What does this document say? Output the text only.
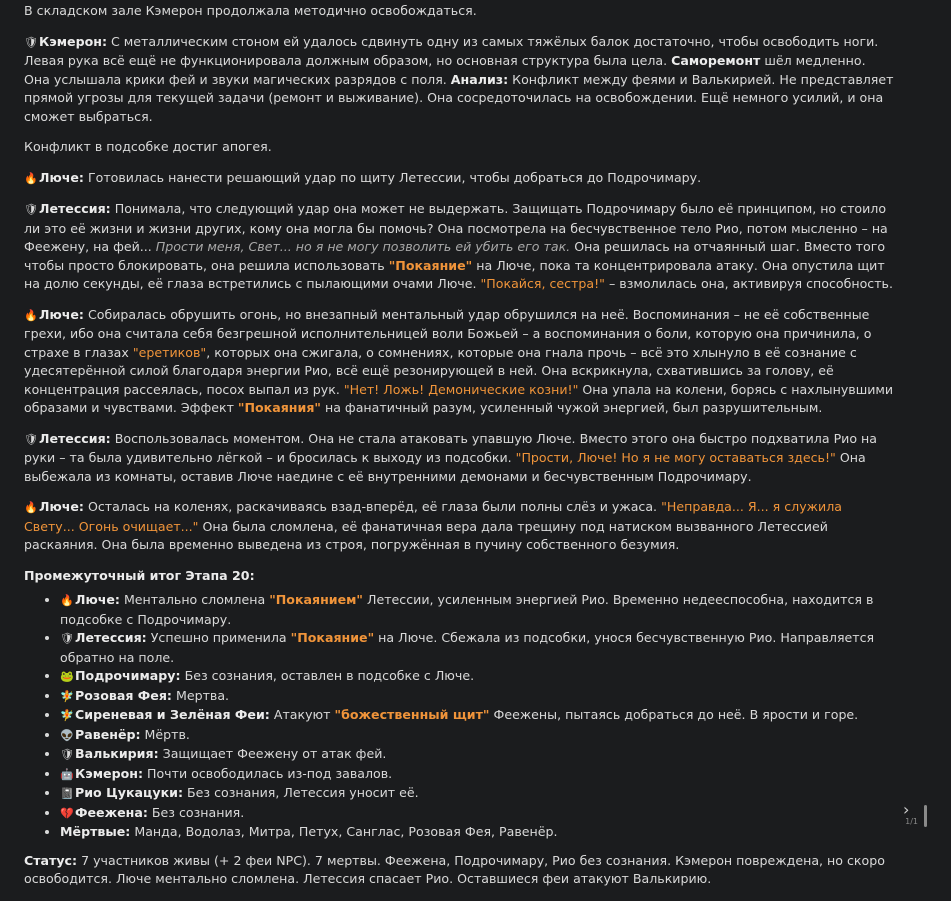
В складском зале Кэмерон продолжала методично освобождаться.

🛡Кэмерон: С металлическим стоном ей удалось сдвинуть одну из самых тяжёлых балок достаточно, чтобы освободить ноги. Левая рука всё ещё не функционировала должным образом, но основная структура была цела. Саморемонт шёл медленно. Она услышала крики фей и звуки магических разрядов с поля. Анализ: Конфликт между феями и Валькирией. Не представляет прямой угрозы для текущей задачи (ремонт и выживание). Она сосредоточилась на освобождении. Ещё немного усилий, и она сможет выбраться.

Конфликт в подсобке достиг апогея.

🔥Люче: Готовилась нанести решающий удар по щиту Летессии, чтобы добраться до Подрочимару.

🛡Летессия: Понимала, что следующий удар она может не выдержать. Защищать Подрочимару было её принципом, но стоило ли это её жизни и жизни других, кому она могла бы помочь? Она посмотрела на бесчувственное тело Рио, потом мысленно – на Феежену, на фей... Прости меня, Свет... но я не могу позволить ей убить его так. Она решилась на отчаянный шаг. Вместо того чтобы просто блокировать, она решила использовать "Покаяние" на Люче, пока та концентрировала атаку. Она опустила щит на долю секунды, её глаза встретились с пылающими очами Люче. "Покайся, сестра!" – взмолилась она, активируя способность.

🔥Люче: Собиралась обрушить огонь, но внезапный ментальный удар обрушился на неё. Воспоминания – не её собственные грехи, ибо она считала себя безгрешной исполнительницей воли Божьей – а воспоминания о боли, которую она причинила, о страхе в глазах "еретиков", которых она сжигала, о сомнениях, которые она гнала прочь – всё это хлынуло в её сознание с удесятерённой силой благодаря энергии Рио, всё ещё резонирующей в ней. Она вскрикнула, схватившись за голову, её концентрация рассеялась, посох выпал из рук. "Нет! Ложь! Демонические козни!" Она упала на колени, борясь с нахлынувшими образами и чувствами. Эффект "Покаяния" на фанатичный разум, усиленный чужой энергией, был разрушительным.

🛡Летессия: Воспользовалась моментом. Она не стала атаковать упавшую Люче. Вместо этого она быстро подхватила Рио на руки – та была удивительно лёгкой – и бросилась к выходу из подсобки. "Прости, Люче! Но я не могу оставаться здесь!" Она выбежала из комнаты, оставив Люче наедине с её внутренними демонами и бесчувственным Подрочимару.

🔥Люче: Осталась на коленях, раскачиваясь взад-вперёд, её глаза были полны слёз и ужаса. "Неправда... Я... я служила Свету... Огонь очищает..." Она была сломлена, её фанатичная вера дала трещину под натиском вызванного Летессией раскаяния. Она была временно выведена из строя, погружённая в пучину собственного безумия.

Промежуточный итог Этапа 20:
• 🔥Люче: Ментально сломлена "Покаянием" Летессии, усиленным энергией Рио. Временно недееспособна, находится в подсобке с Подрочимару.
• 🛡Летессия: Успешно применила "Покаяние" на Люче. Сбежала из подсобки, унося бесчувственную Рио. Направляется обратно на поле.
• 🐸Подрочимару: Без сознания, оставлен в подсобке с Люче.
• 🧚Розовая Фея: Мертва.
• 🧚Сиреневая и Зелёная Феи: Атакуют "божественный щит" Феежены, пытаясь добраться до неё. В ярости и горе.
• 👽Равенёр: Мёртв.
• 🛡Валькирия: Защищает Феежену от атак фей.
• 🤖Кэмерон: Почти освободилась из-под завалов.
• 📓Рио Цукацуки: Без сознания, Летессия уносит её.
• 💔Феежена: Без сознания.
• Мёртвые: Манда, Водолаз, Митра, Петух, Санглас, Розовая Фея, Равенёр.

Статус: 7 участников живы (+ 2 феи NPC). 7 мертвы. Феежена, Подрочимару, Рио без сознания. Кэмерон повреждена, но скоро освободится. Люче ментально сломлена. Летессия спасает Рио. Оставшиеся феи атакуют Валькирию.

›
1/1
